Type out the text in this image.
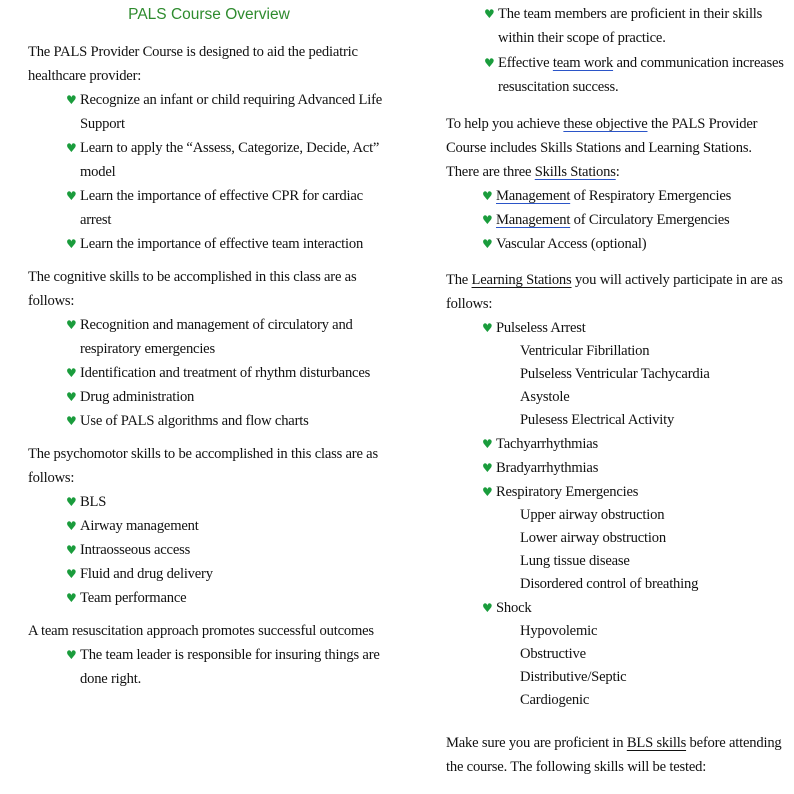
PALS Course Overview

The PALS Provider Course is designed to aid the pediatric healthcare provider:

♥ Recognize an infant or child requiring Advanced Life Support
♥ Learn to apply the “Assess, Categorize, Decide, Act” model
♥ Learn the importance of effective CPR for cardiac arrest
♥ Learn the importance of effective team interaction

The cognitive skills to be accomplished in this class are as follows:

♥ Recognition and management of circulatory and respiratory emergencies
♥ Identification and treatment of rhythm disturbances
♥ Drug administration
♥ Use of PALS algorithms and flow charts

The psychomotor skills to be accomplished in this class are as follows:

♥ BLS
♥ Airway management
♥ Intraosseous access
♥ Fluid and drug delivery
♥ Team performance

A team resuscitation approach promotes successful outcomes

♥ The team leader is responsible for insuring things are done right.
♥ The team members are proficient in their skills within their scope of practice.
♥ Effective team work and communication increases resuscitation success.

To help you achieve these objective the PALS Provider Course includes Skills Stations and Learning Stations. There are three Skills Stations:

♥ Management of Respiratory Emergencies
♥ Management of Circulatory Emergencies
♥ Vascular Access (optional)

The Learning Stations you will actively participate in are as follows:

♥ Pulseless Arrest
Ventricular Fibrillation
Pulseless Ventricular Tachycardia
Asystole
Pulesess Electrical Activity
♥ Tachyarrhythmias
♥ Bradyarrhythmias
♥ Respiratory Emergencies
Upper airway obstruction
Lower airway obstruction
Lung tissue disease
Disordered control of breathing
♥ Shock
Hypovolemic
Obstructive
Distributive/Septic
Cardiogenic

Make sure you are proficient in BLS skills before attending the course. The following skills will be tested:
